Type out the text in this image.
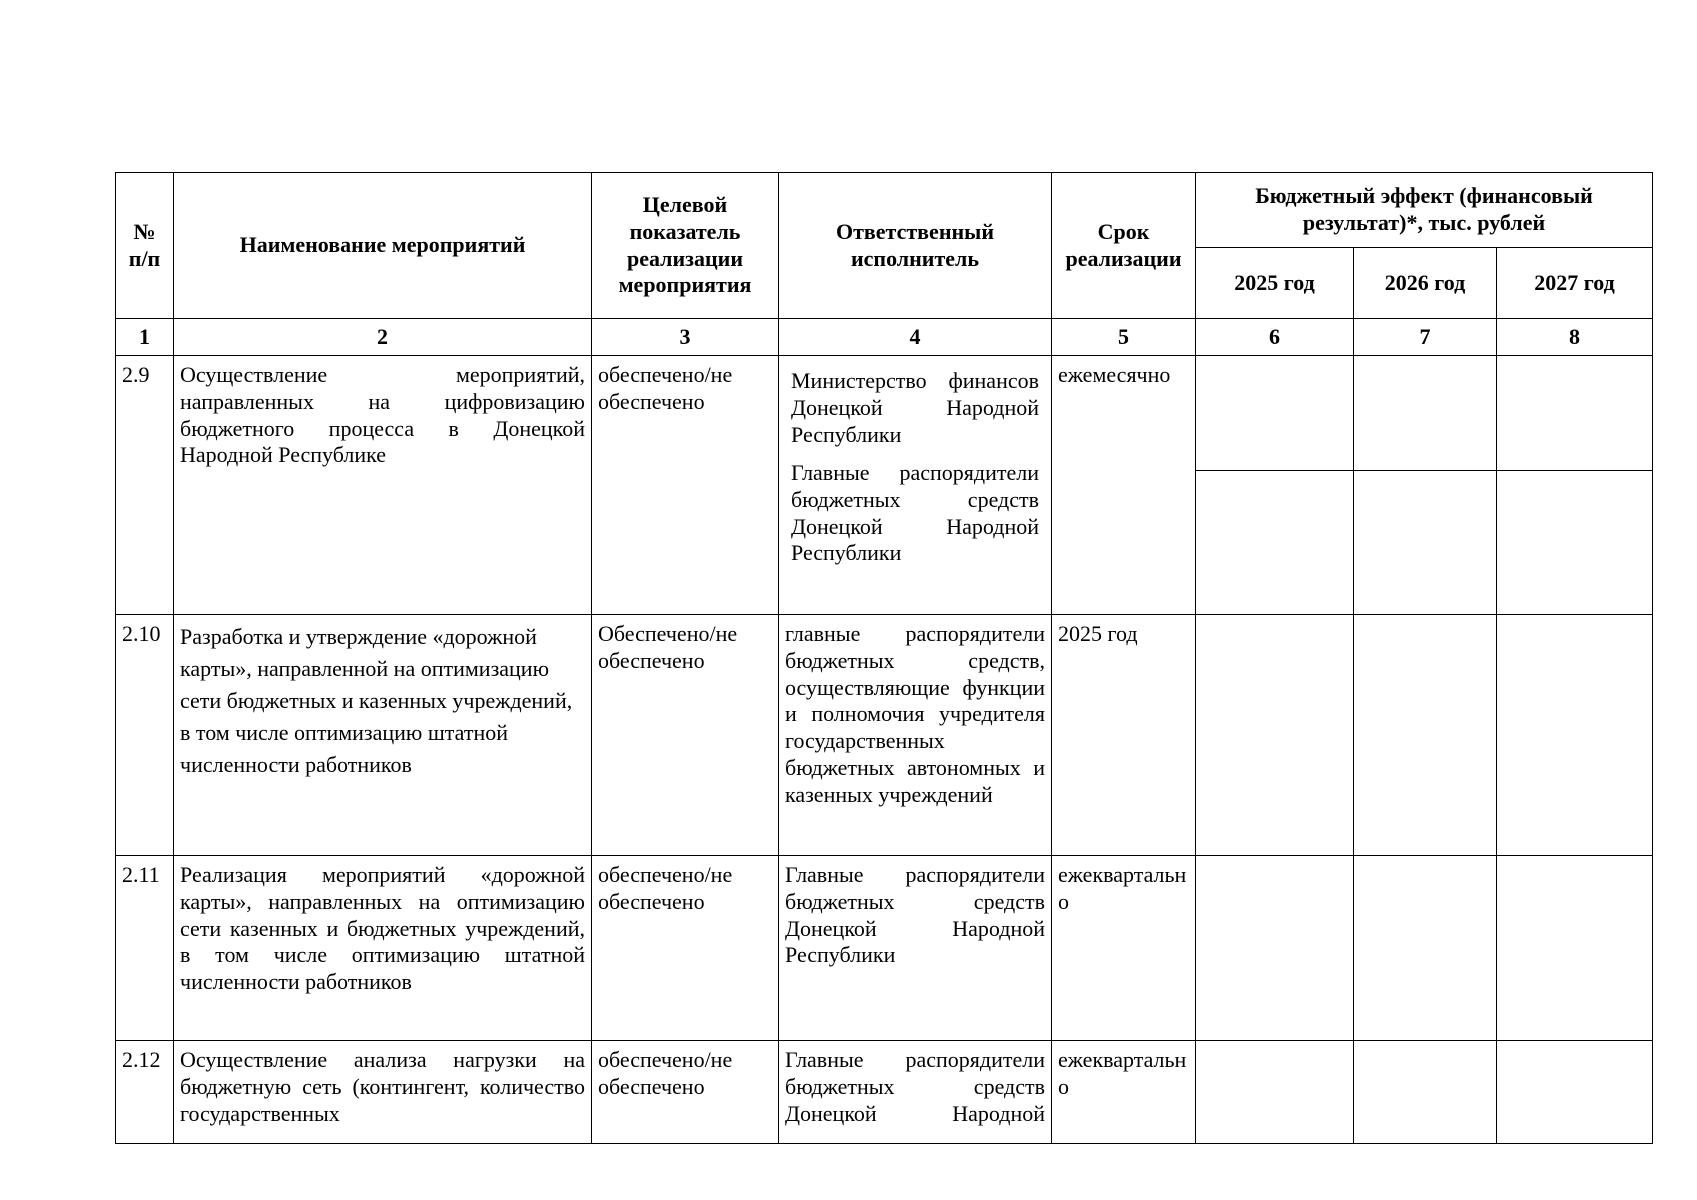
№ п/п	Наименование мероприятий	Целевой показатель реализации мероприятия	Ответственный исполнитель	Срок реализации	Бюджетный эффект (финансовый результат)*, тыс. рублей		
					2025 год	2026 год	2027 год
1	2	3	4	5	6	7	8
2.9	Осуществление мероприятий, направленных на цифровизацию бюджетного процесса в Донецкой Народной Республике	обеспечено/не обеспечено	Министерство финансов Донецкой Народной Республики
Главные распорядители бюджетных средств Донецкой Народной Республики	ежемесячно			

2.10	Разработка и утверждение «дорожной карты», направленной на оптимизацию сети бюджетных и казенных учреждений, в том числе оптимизацию штатной численности работников	Обеспечено/не обеспечено	главные распорядители бюджетных средств, осуществляющие функции и полномочия учредителя государственных бюджетных автономных и казенных учреждений	2025 год			
2.11	Реализация мероприятий «дорожной карты», направленных на оптимизацию сети казенных и бюджетных учреждений, в том числе оптимизацию штатной численности работников	обеспечено/не обеспечено	Главные распорядители бюджетных средств Донецкой Народной Республики	ежеквартально			
2.12	Осуществление анализа нагрузки на бюджетную сеть (контингент, количество государственных	обеспечено/не обеспечено	Главные распорядители бюджетных средств Донецкой Народной	ежеквартально			
